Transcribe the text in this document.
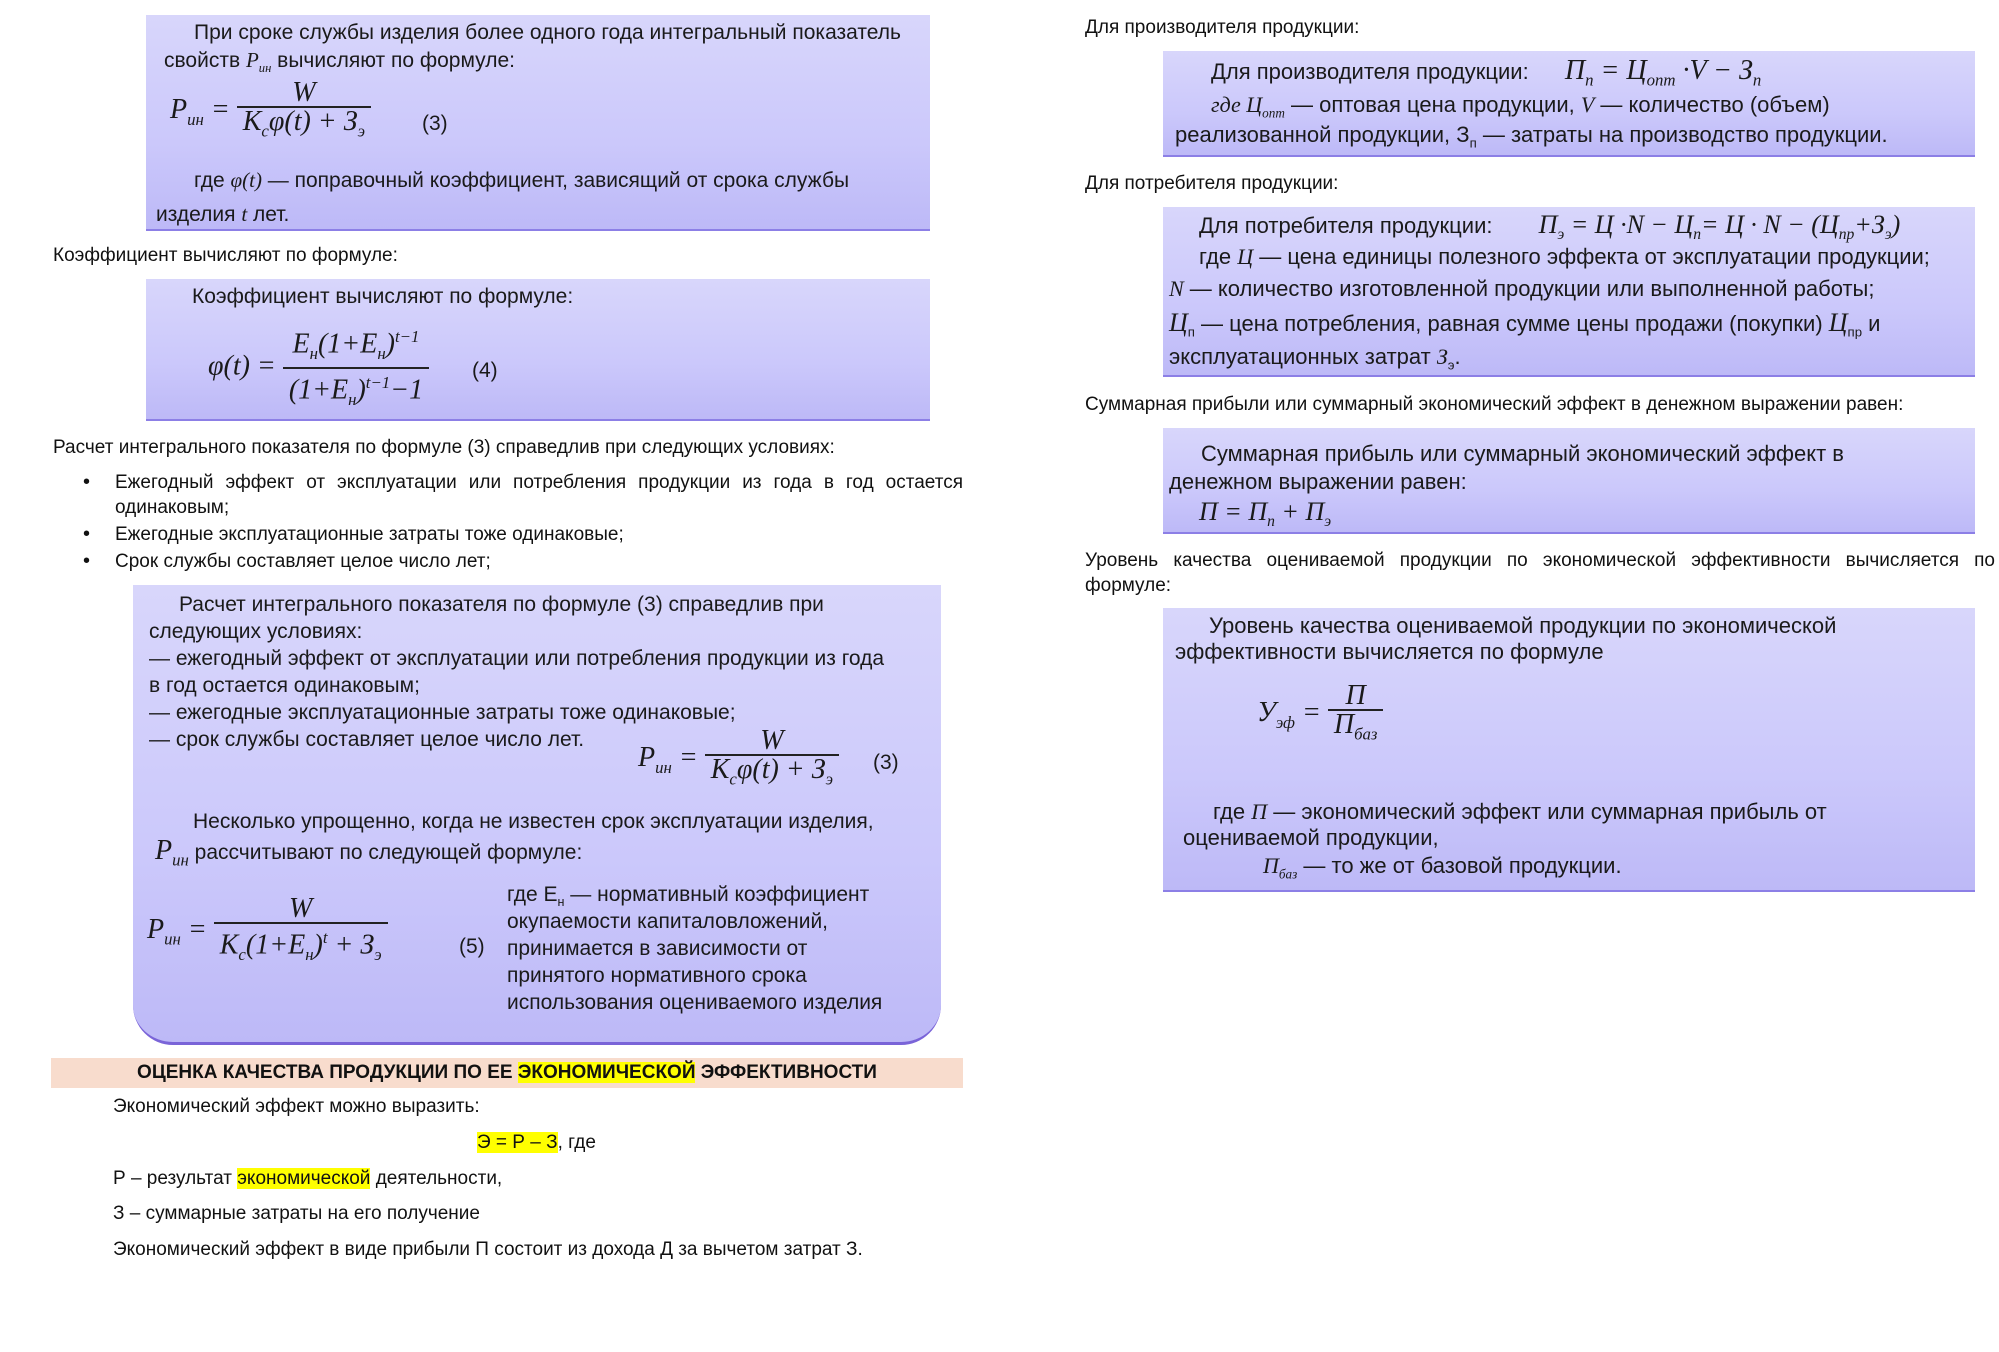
При сроке службы изделия более одного года интегральный показатель

свойств $P_{ин}$ вычисляют по формуле:

$P_{ин} = \frac{W}{K_c\varphi(t) + З_э} (3)$

где φ(t) — поправочный коэффициент, зависящий от срока службы

изделия t лет.

Коэффициент вычисляют по формуле:

Коэффициент вычисляют по формуле:

$\varphi(t) = \frac{E_н(1+E_н)^{t-1}}{(1+E_н)^{t-1}-1} (4)$

Расчет интегрального показателя по формуле (3) справедлив при следующих условиях:

• Ежегодный эффект от эксплуатации или потребления продукции из года в год остается одинаковым;
• Ежегодные эксплуатационные затраты тоже одинаковые;
• Срок службы составляет целое число лет;

Расчет интегрального показателя по формуле (3) справедлив при

следующих условиях:

— ежегодный эффект от эксплуатации или потребления продукции из года

в год остается одинаковым;

— ежегодные эксплуатационные затраты тоже одинаковые;

— срок службы составляет целое число лет.

$P_{ин} = \frac{W}{K_c\varphi(t) + З_э} (3)$

Несколько упрощенно, когда не известен срок эксплуатации изделия,

$P_{ин}$ рассчитывают по следующей формуле:

$P_{ин} = \frac{W}{K_c(1+E_н)^t + З_э}$	(5)

где $E_н$ — нормативный коэффициент

окупаемости капиталовложений,

принимается в зависимости от

принятого нормативного срока

использования оцениваемого изделия

ОЦЕНКА КАЧЕСТВА ПРОДУКЦИИ ПО ЕЕ ЭКОНОМИЧЕСКОЙ ЭФФЕКТИВНОСТИ

Экономический эффект можно выразить:

Э = Р – З, где

Р – результат экономической деятельности,

З – суммарные затраты на его получение

Экономический эффект в виде прибыли П состоит из дохода Д за вычетом затрат З.

Для производителя продукции:

Для производителя продукции: $П_п = Ц_{опт} \cdot V - З_п$

где $Ц_{опт}$ — оптовая цена продукции, V — количество (объем)

реализованной продукции, $З_п$ — затраты на производство продукции.

Для потребителя продукции:

Для потребителя продукции: $П_э = Ц \cdot N - Ц_п= Ц \cdot N - (Ц_{пр}+З_э)$

где Ц — цена единицы полезного эффекта от эксплуатации продукции;

N — количество изготовленной продукции или выполненной работы;

$Ц_п$ — цена потребления, равная сумме цены продажи (покупки) $Ц_{пр}$ и

эксплуатационных затрат $З_э$.

Суммарная прибыли или суммарный экономический эффект в денежном выражении равен:

Суммарная прибыль или суммарный экономический эффект в

денежном выражении равен:

$П = П_п + П_э$

Уровень качества оцениваемой продукции по экономической эффективности вычисляется по формуле:

Уровень качества оцениваемой продукции по экономической

эффективности вычисляется по формуле

$У_{эф} = \frac{П}{П_{баз}}$

где П — экономический эффект или суммарная прибыль от

оцениваемой продукции,

$П_{баз}$ — то же от базовой продукции.
